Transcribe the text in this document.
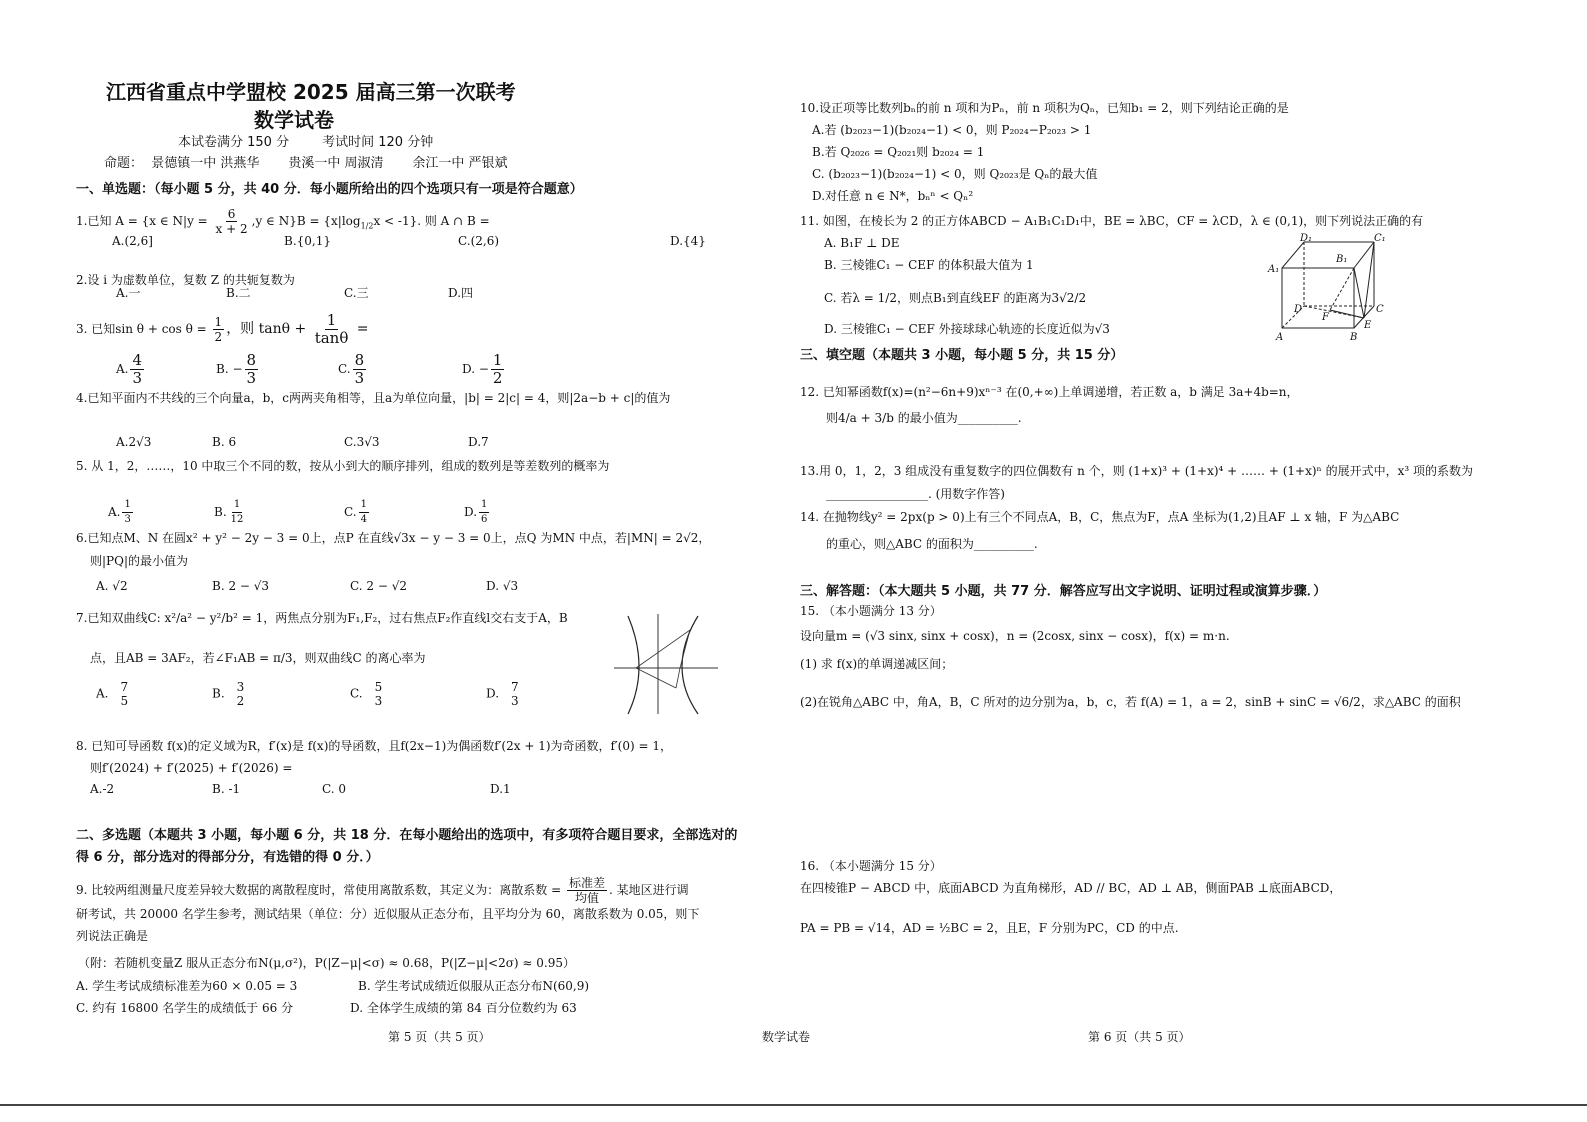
江西省重点中学盟校 2025 届高三第一次联考
数学试卷
本试卷满分 150 分        考试时间 120 分钟
命题：  景德镇一中 洪燕华       贵溪一中 周淑清       余江一中 严银斌
一、单选题：（每小题 5 分，共 40 分．每小题所给出的四个选项只有一项是符合题意）
1.已知 A = {x ∈ $N|y = \frac{6}{x + 2} ,y$ ∈ $N\}B = \{x|\log_{1/2}x < -1\}$. 则 A ∩ B =
A.(2,6]	B.{0,1}	C.(2,6)	D.{4}
2.设 i 为虚数单位，复数 Z 的共轭复数为
A.一	B.二	C.三	D.四
3. 已知$\sin \theta + \cos \theta = \frac{1}{2}$ ，则 $\tan\theta + \frac{1}{\tan\theta}$ =
A. $\frac{4}{3}$	B. − $\frac{8}{3}$	C. $\frac{8}{3}$	D. − $\frac{1}{2}$
4.已知平面内不共线的三个向量a，b，c两两夹角相等，且a为单位向量，|b| = 2|c| = 4，则|2a−b + c|的值为
A.2√3	B. 6	C.3√3	D.7
5. 从 1，2，……，10 中取三个不同的数，按从小到大的顺序排列，组成的数列是等差数列的概率为
A. $\frac{1}{3}$	B. $\frac{1}{12}$	C. $\frac{1}{4}$	D. $\frac{1}{6}$
6.已知点M、N 在圆x² + y² − 2y − 3 = 0上，点P 在直线√3x − y − 3 = 0上，点Q 为MN 中点，若|MN| = 2√2，
则|PQ|的最小值为
A. √2	B. 2 − √3	C. 2 − √2	D. √3
7.已知双曲线C: x²/a² − y²/b² = 1，两焦点分别为F₁,F₂，过右焦点F₂作直线l交右支于A，B
点，且AB = 3AF₂，若∠F₁AB = π/3，则双曲线C 的离心率为
A. 7
5
B. 3
2
C. 5
3
D. 7
3
8. 已知可导函数 f(x)的定义域为R，f′(x)是 f(x)的导函数，且f(2x−1)为偶函数f′(2x + 1)为奇函数，f′(0) = 1，
则f′(2024) + f′(2025) + f′(2026) =
A.-2	B. -1	C. 0	D.1
二、多选题（本题共 3 小题，每小题 6 分，共 18 分．在每小题给出的选项中，有多项符合题目要求，全部选对的
得 6 分，部分选对的得部分分，有选错的得 0 分．）
9. 比较两组测量尺度差异较大数据的离散程度时，常使用离散系数，其定义为：离散系数 = $\frac{\text{标准差}}{\text{均值}}$ . 某地区进行调
研考试，共 20000 名学生参考，测试结果（单位：分）近似服从正态分布，且平均分为 60，离散系数为 0.05，则下
列说法正确是
（附：若随机变量Z 服从正态分布N(μ,σ²)，P(|Z−μ|<σ) ≈ 0.68，P(|Z−μ|<2σ) ≈ 0.95）
A. 学生考试成绩标准差为60 × 0.05 = 3	B. 学生考试成绩近似服从正态分布N(60,9)
C. 约有 16800 名学生的成绩低于 66 分	D. 全体学生成绩的第 84 百分位数约为 63
10.设正项等比数列bₙ的前 n 项和为Pₙ，前 n 项积为Qₙ，已知b₁ = 2，则下列结论正确的是
A.若 (b₂₀₂₃−1)(b₂₀₂₄−1) < 0，则 P₂₀₂₄−P₂₀₂₃ > 1
B.若 Q₂₀₂₆ = Q₂₀₂₁则 b₂₀₂₄ = 1
C. (b₂₀₂₃−1)(b₂₀₂₄−1) < 0，则 Q₂₀₂₃是 Qₙ的最大值
D.对任意 n ∈ N*，bₙⁿ < Qₙ²
11. 如图，在棱长为 2 的正方体ABCD − A₁B₁C₁D₁中，BE = λBC，CF = λCD，λ ∈ (0,1)，则下列说法正确的有
A. B₁F ⊥ DE
B. 三棱锥C₁ − CEF 的体积最大值为 1
C. 若λ = 1/2，则点B₁到直线EF 的距离为3√2/2
D. 三棱锥C₁ − CEF 外接球球心轨迹的长度近似为√3
D₁	C₁
A₁
B₁
D
F
C
E
A	B
三、填空题（本题共 3 小题，每小题 5 分，共 15 分）
12. 已知幂函数f(x)=(n²−6n+9)xⁿ⁻³ 在(0,+∞)上单调递增，若正数 a，b 满足 3a+4b=n，
则4/a + 3/b 的最小值为__________.
13.用 0，1，2，3 组成没有重复数字的四位偶数有 n 个，则 (1+x)³ + (1+x)⁴ + …… + (1+x)ⁿ 的展开式中，x³ 项的系数为
_________________. (用数字作答)
14. 在抛物线y² = 2px(p > 0)上有三个不同点A，B，C，焦点为F，点A 坐标为(1,2)且AF ⊥ x 轴，F 为△ABC
的重心，则△ABC 的面积为__________.
三、解答题：（本大题共 5 小题，共 77 分．解答应写出文字说明、证明过程或演算步骤．）
15. （本小题满分 13 分）
设向量m = (√3 sinx, sinx + cosx)，n = (2cosx, sinx − cosx)，f(x) = m·n.
(1) 求 f(x)的单调递减区间；
(2)在锐角△ABC 中，角A，B，C 所对的边分别为a，b，c，若 f(A) = 1，a = 2，sinB + sinC = √6/2，求△ABC 的面积
16. （本小题满分 15 分）
在四棱锥P − ABCD 中，底面ABCD 为直角梯形，AD // BC，AD ⊥ AB，侧面PAB ⊥底面ABCD，
PA = PB = √14，AD = ½BC = 2，且E，F 分别为PC，CD 的中点.
第 5 页（共 5 页）	数学试卷	第 6 页（共 5 页）
